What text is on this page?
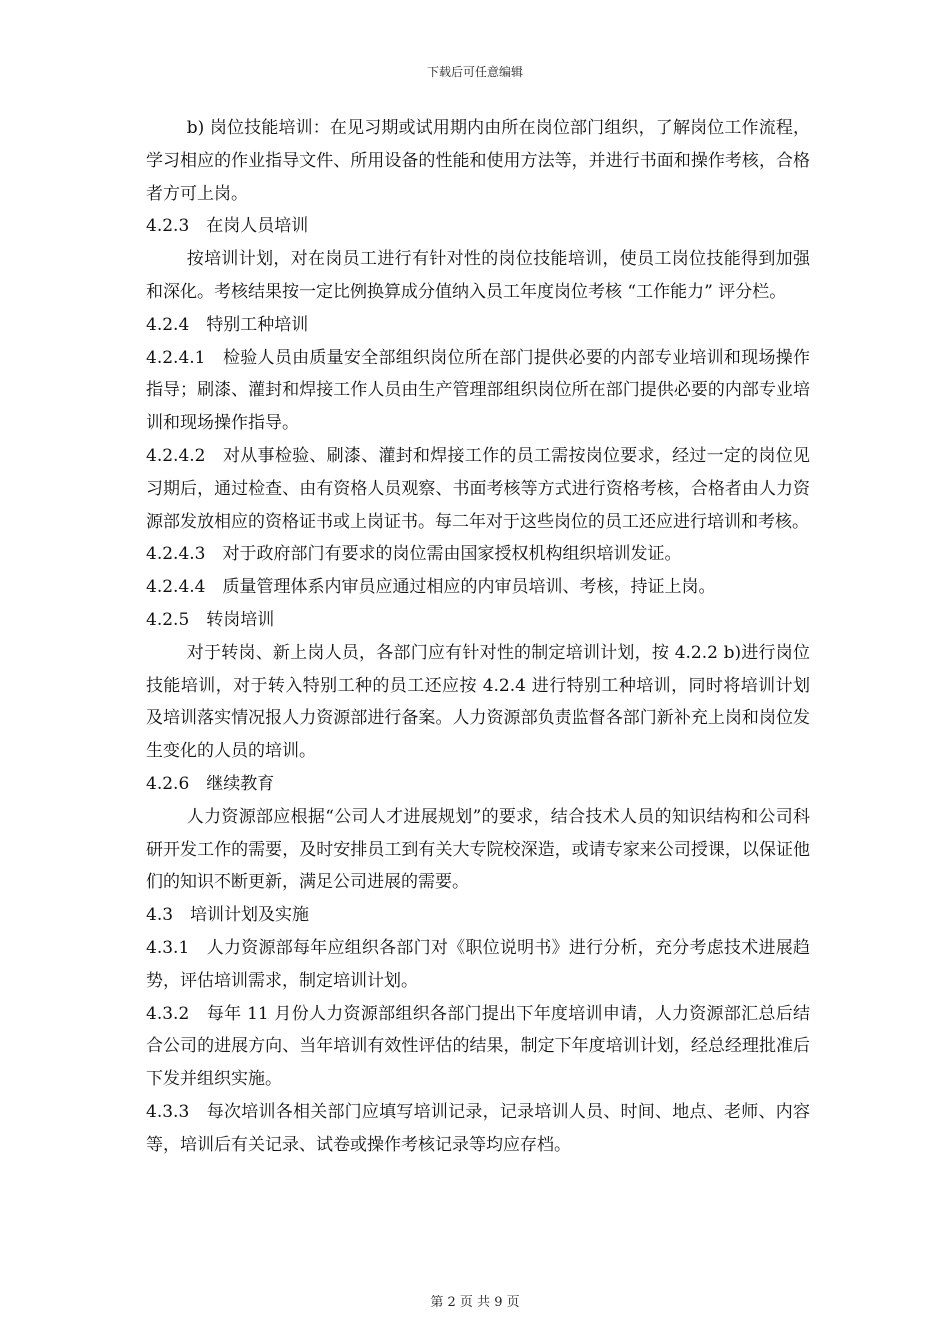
下载后可任意编辑

b) 岗位技能培训：在见习期或试用期内由所在岗位部门组织，了解岗位工作流程，学习相应的作业指导文件、所用设备的性能和使用方法等，并进行书面和操作考核，合格者方可上岗。

4.2.3　在岗人员培训

按培训计划，对在岗员工进行有针对性的岗位技能培训，使员工岗位技能得到加强和深化。考核结果按一定比例换算成分值纳入员工年度岗位考核 “工作能力” 评分栏。

4.2.4　特别工种培训

4.2.4.1　检验人员由质量安全部组织岗位所在部门提供必要的内部专业培训和现场操作指导；刷漆、灌封和焊接工作人员由生产管理部组织岗位所在部门提供必要的内部专业培训和现场操作指导。

4.2.4.2　对从事检验、刷漆、灌封和焊接工作的员工需按岗位要求，经过一定的岗位见习期后，通过检查、由有资格人员观察、书面考核等方式进行资格考核，合格者由人力资源部发放相应的资格证书或上岗证书。每二年对于这些岗位的员工还应进行培训和考核。

4.2.4.3　对于政府部门有要求的岗位需由国家授权机构组织培训发证。

4.2.4.4　质量管理体系内审员应通过相应的内审员培训、考核，持证上岗。

4.2.5　转岗培训

对于转岗、新上岗人员，各部门应有针对性的制定培训计划，按 4.2.2 b)进行岗位技能培训，对于转入特别工种的员工还应按 4.2.4 进行特别工种培训，同时将培训计划及培训落实情况报人力资源部进行备案。人力资源部负责监督各部门新补充上岗和岗位发生变化的人员的培训。

4.2.6　继续教育

人力资源部应根据“公司人才进展规划”的要求，结合技术人员的知识结构和公司科研开发工作的需要，及时安排员工到有关大专院校深造，或请专家来公司授课，以保证他们的知识不断更新，满足公司进展的需要。

4.3　培训计划及实施

4.3.1　人力资源部每年应组织各部门对《职位说明书》进行分析，充分考虑技术进展趋势，评估培训需求，制定培训计划。

4.3.2　每年 11 月份人力资源部组织各部门提出下年度培训申请，人力资源部汇总后结合公司的进展方向、当年培训有效性评估的结果，制定下年度培训计划，经总经理批准后下发并组织实施。

4.3.3　每次培训各相关部门应填写培训记录，记录培训人员、时间、地点、老师、内容等，培训后有关记录、试卷或操作考核记录等均应存档。

第 2 页 共 9 页
